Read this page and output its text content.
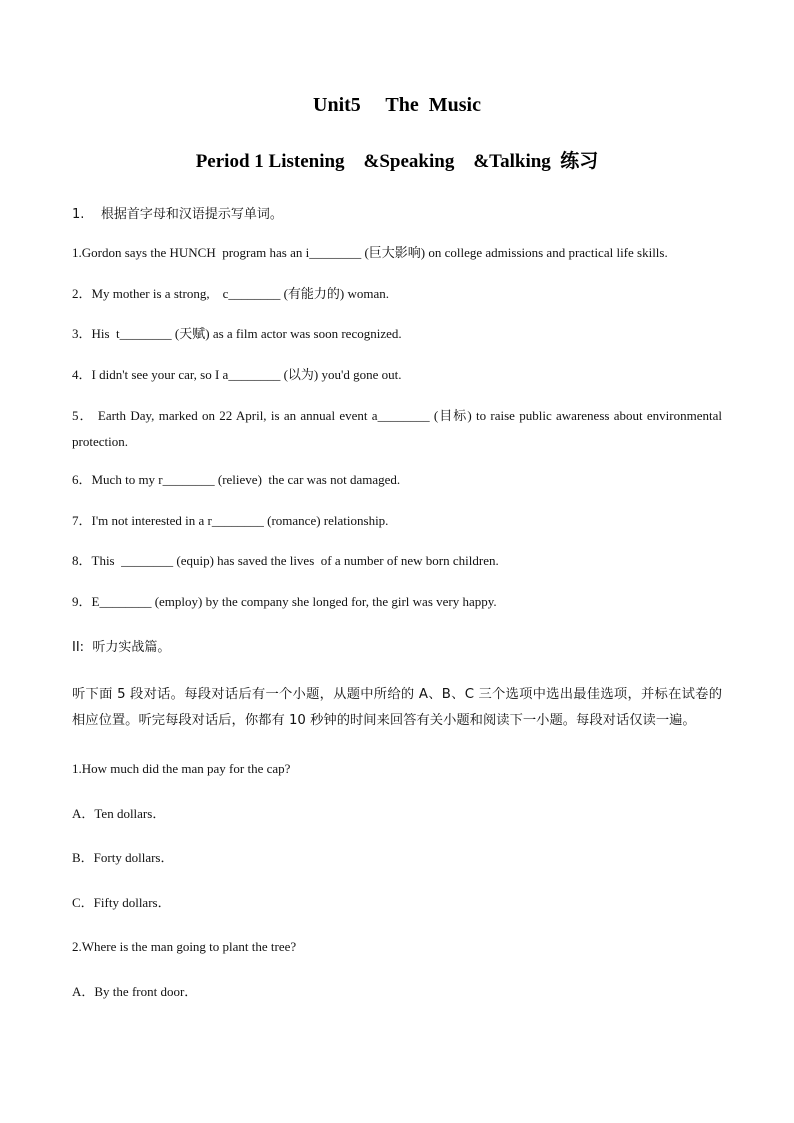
Unit5     The  Music
Period 1 Listening    &Speaking    &Talking  练习
1.    根据首字母和汉语提示写单词。
1.Gordon says the HUNCH  program has an i________ (巨大影响) on college admissions and practical life skills.
2．My mother is a strong,    c________ (有能力的) woman.
3．His  t________ (天赋) as a film actor was soon recognized.
4．I didn't see your car, so I a________ (以为) you'd gone out.
5． Earth Day, marked on 22 April, is an annual event a________ (目标) to raise public awareness about environmental protection.
6．Much to my r________ (relieve)  the car was not damaged.
7．I'm not interested in a r________ (romance) relationship.
8．This  ________ (equip) has saved the lives  of a number of new born children.
9．E________ (employ) by the company she longed for, the girl was very happy.
II:  听力实战篇。
听下面 5 段对话。每段对话后有一个小题，从题中所给的 A、B、C 三个选项中选出最佳选项，并标在试卷的相应位置。听完每段对话后，你都有 10 秒钟的时间来回答有关小题和阅读下一小题。每段对话仅读一遍。
1.How much did the man pay for the cap?
A．Ten dollars．
B．Forty dollars．
C．Fifty dollars．
2.Where is the man going to plant the tree?
A．By the front door．
